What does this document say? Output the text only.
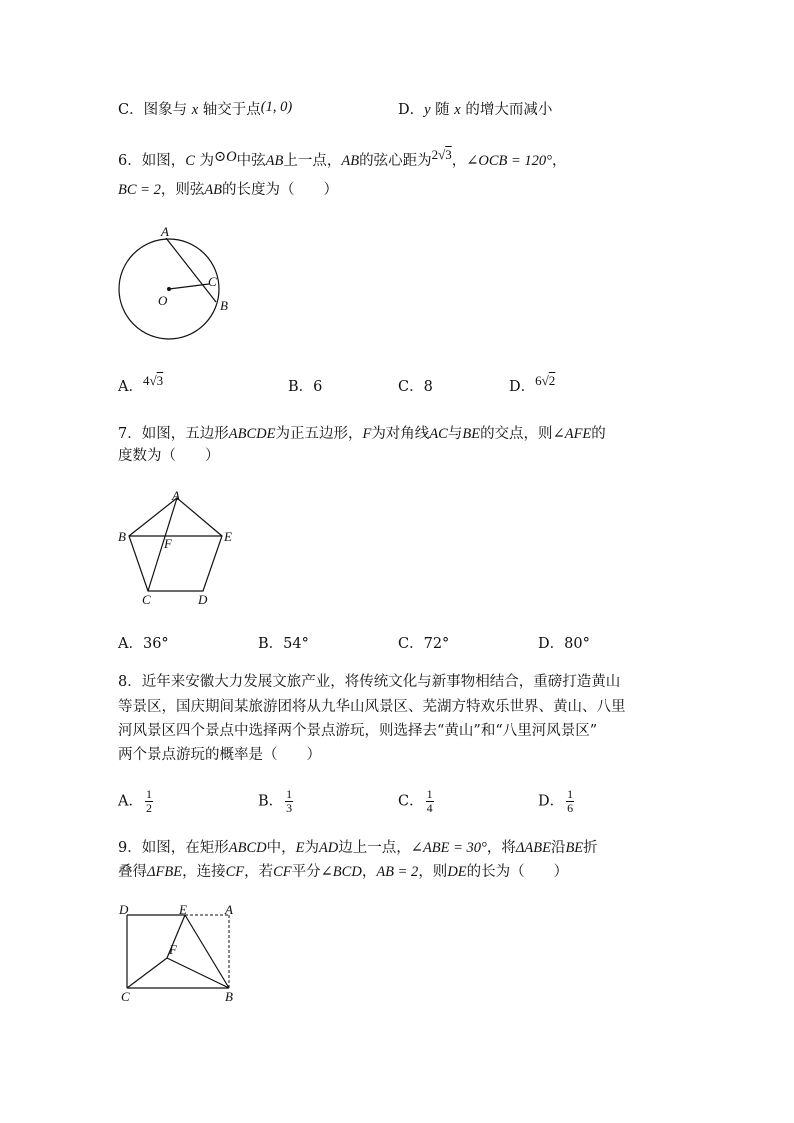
C．图象与 x 轴交于点(1, 0)	D．y 随 x 的增大而减小
6．如图，C 为⊙O中弦AB上一点，AB的弦心距为2√3，∠OCB = 120°，
BC = 2，则弦AB的长度为（　　）
A
C
O	B
A．4√3	B．6	C．8	D．6√2
7．如图，五边形ABCDE为正五边形，F为对角线AC与BE的交点，则∠AFE的
度数为（　　）
A
B	E
F
C	D
A．36°	B．54°	C．72°	D．80°
8．近年来安徽大力发展文旅产业，将传统文化与新事物相结合，重磅打造黄山
等景区，国庆期间某旅游团将从九华山风景区、芜湖方特欢乐世界、黄山、八里
河风景区四个景点中选择两个景点游玩，则选择去“黄山”和“八里河风景区”
两个景点游玩的概率是（　　）
A． $\frac{1}{2}$	B． $\frac{1}{3}$	C． $\frac{1}{4}$	D． $\frac{1}{6}$
9．如图，在矩形ABCD中，E为AD边上一点，∠ABE = 30°，将ΔABE沿BE折
叠得ΔFBE，连接CF，若CF平分∠BCD，AB = 2，则DE的长为（　　）
D	E	A
F
C	B
